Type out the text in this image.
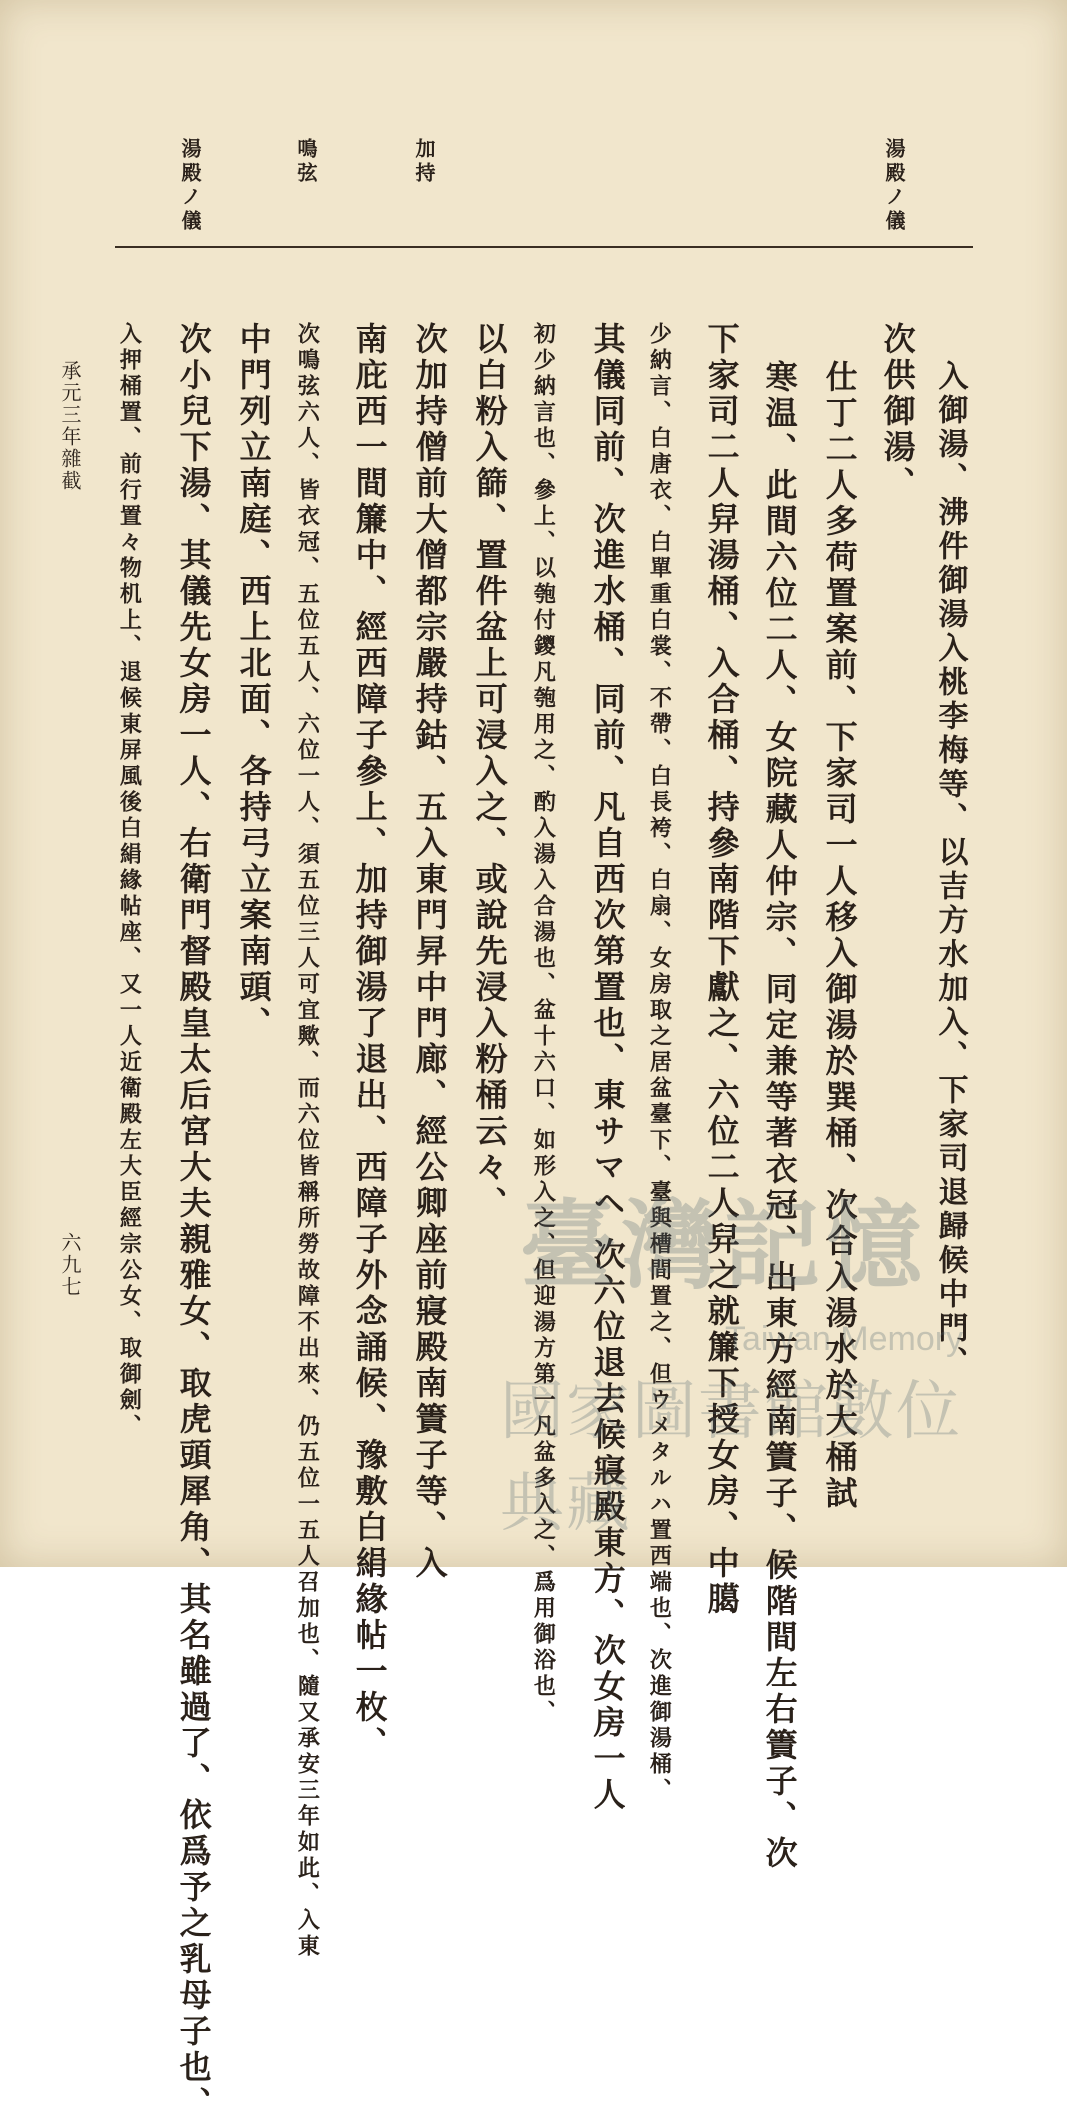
湯殿ノ儀
加持
鳴弦
湯殿ノ儀
入御湯、沸件御湯入桃李梅等、以吉方水加入、下家司退歸候中門、
次供御湯、
仕丁二人多荷置案前、下家司一人移入御湯於巽桶、次合入湯水於大桶試
寒温、此間六位二人、女院藏人仲宗、同定兼等著衣冠、出東方經南簀子、候階間左右簀子、次
下家司二人舁湯桶、入合桶、持參南階下獻之、六位二人舁之就簾下授女房、中臈
少納言、白唐衣、白單重白裳、不帶、白長袴、白扇、女房取之居盆臺下、臺與槽間置之、但ウメタルハ置西端也、次進御湯桶、
其儀同前、次進水桶、同前、凡自西次第置也、東サマヘ 次六位退去候寢殿東方、次女房一人
初少納言也、參上、以匏付鑁凡匏用之、酌入湯入合湯也、盆十六口、如形入之、但迎湯方第一凡盆多入之、爲用御浴也、
以白粉入篩、置件盆上可浸入之、或說先浸入粉桶云々、
次加持僧前大僧都宗嚴持鈷、五入東門昇中門廊、經公卿座前寢殿南簀子等、入
南庇西一間簾中、經西障子參上、加持御湯了退出、西障子外念誦候、豫敷白絹緣帖一枚、
次鳴弦六人、皆衣冠、五位五人、六位一人、須五位三人可宜歟、而六位皆稱所勞故障不出來、仍五位一五人召加也、隨又承安三年如此、入東
中門列立南庭、西上北面、各持弓立案南頭、
次小兒下湯、其儀先女房一人、右衛門督殿皇太后宮大夫親雅女、取虎頭犀角、其名雖過了、依爲予之乳母子也、
入押桶置、前行置々物机上、退候東屏風後白絹緣帖座、又一人近衛殿左大臣經宗公女、取御劍、
承元三年雜截
六九七	臺灣記憶
Taiwan Memory
國家圖書館數位典藏
